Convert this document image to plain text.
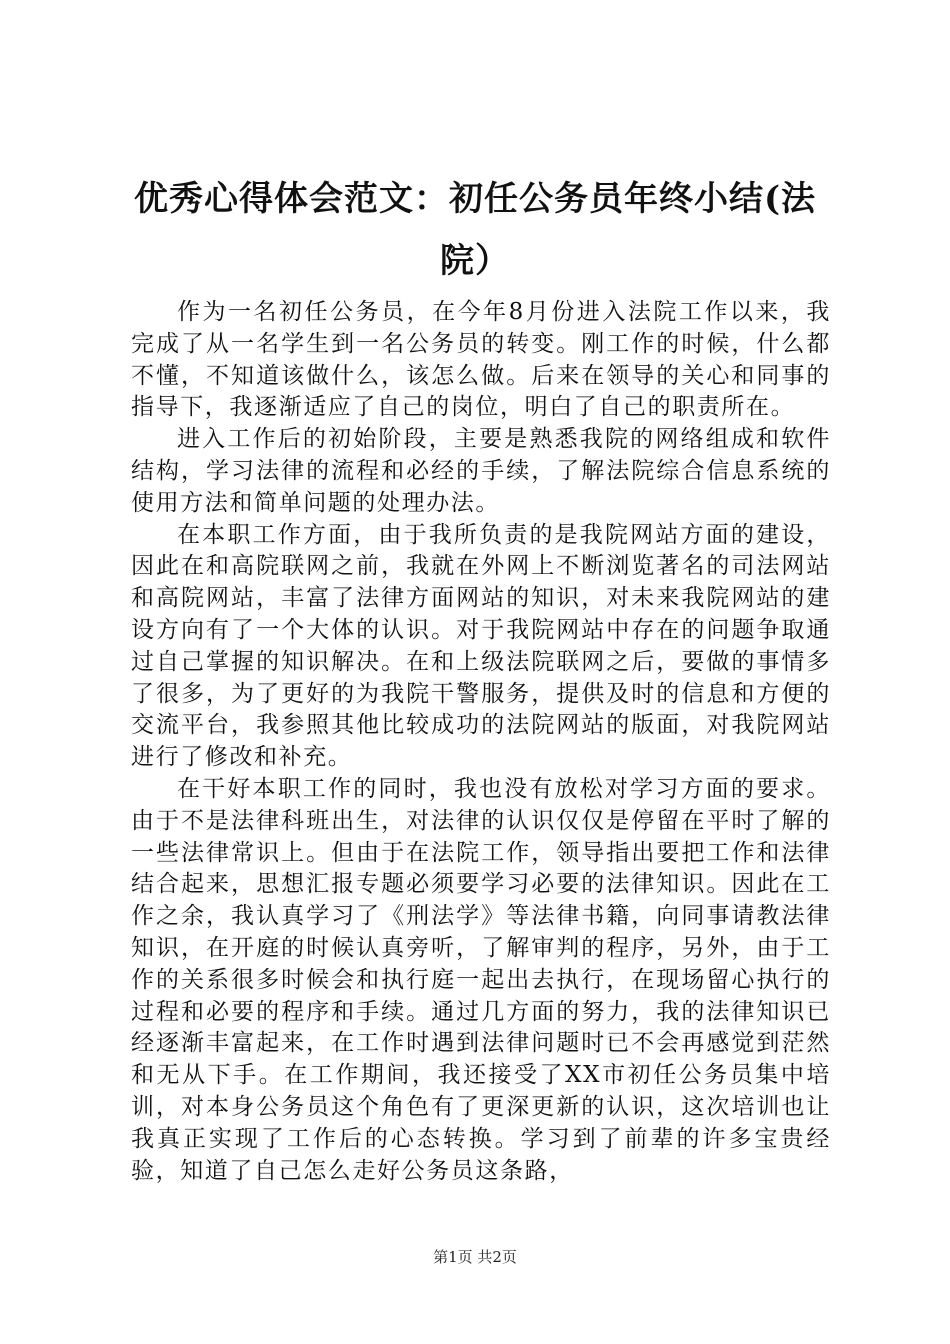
优秀心得体会范文：初任公务员年终小结(法院）

作为一名初任公务员，在今年8月份进入法院工作以来，我完成了从一名学生到一名公务员的转变。刚工作的时候，什么都不懂，不知道该做什么，该怎么做。后来在领导的关心和同事的指导下，我逐渐适应了自己的岗位，明白了自己的职责所在。

进入工作后的初始阶段，主要是熟悉我院的网络组成和软件结构，学习法律的流程和必经的手续，了解法院综合信息系统的使用方法和简单问题的处理办法。

在本职工作方面，由于我所负责的是我院网站方面的建设，因此在和高院联网之前，我就在外网上不断浏览著名的司法网站和高院网站，丰富了法律方面网站的知识，对未来我院网站的建设方向有了一个大体的认识。对于我院网站中存在的问题争取通过自己掌握的知识解决。在和上级法院联网之后，要做的事情多了很多，为了更好的为我院干警服务，提供及时的信息和方便的交流平台，我参照其他比较成功的法院网站的版面，对我院网站进行了修改和补充。

在干好本职工作的同时，我也没有放松对学习方面的要求。由于不是法律科班出生，对法律的认识仅仅是停留在平时了解的一些法律常识上。但由于在法院工作，领导指出要把工作和法律结合起来，思想汇报专题必须要学习必要的法律知识。因此在工作之余，我认真学习了《刑法学》等法律书籍，向同事请教法律知识，在开庭的时候认真旁听，了解审判的程序，另外，由于工作的关系很多时候会和执行庭一起出去执行，在现场留心执行的过程和必要的程序和手续。通过几方面的努力，我的法律知识已经逐渐丰富起来，在工作时遇到法律问题时已不会再感觉到茫然和无从下手。在工作期间，我还接受了XX市初任公务员集中培训，对本身公务员这个角色有了更深更新的认识，这次培训也让我真正实现了工作后的心态转换。学习到了前辈的许多宝贵经验，知道了自己怎么走好公务员这条路，

第1页 共2页
